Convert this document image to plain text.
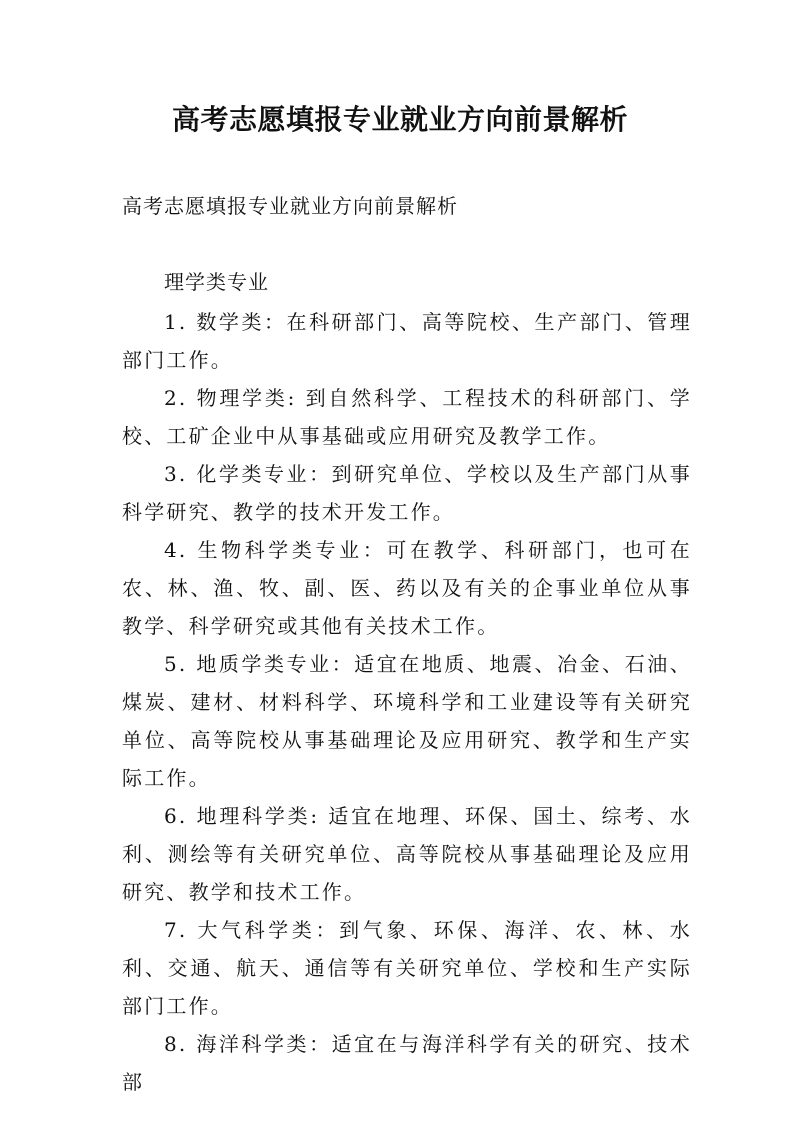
高考志愿填报专业就业方向前景解析

高考志愿填报专业就业方向前景解析

理学类专业

1. 数学类：在科研部门、高等院校、生产部门、管理部门工作。

2. 物理学类: 到自然科学、工程技术的科研部门、学校、工矿企业中从事基础或应用研究及教学工作。

3. 化学类专业：到研究单位、学校以及生产部门从事科学研究、教学的技术开发工作。

4. 生物科学类专业：可在教学、科研部门，也可在农、林、渔、牧、副、医、药以及有关的企事业单位从事教学、科学研究或其他有关技术工作。

5. 地质学类专业：适宜在地质、地震、冶金、石油、煤炭、建材、材料科学、环境科学和工业建设等有关研究单位、高等院校从事基础理论及应用研究、教学和生产实际工作。

6. 地理科学类: 适宜在地理、环保、国土、综考、水利、测绘等有关研究单位、高等院校从事基础理论及应用研究、教学和技术工作。

7. 大气科学类：到气象、环保、海洋、农、林、水利、交通、航天、通信等有关研究单位、学校和生产实际部门工作。

8. 海洋科学类：适宜在与海洋科学有关的研究、技术部
